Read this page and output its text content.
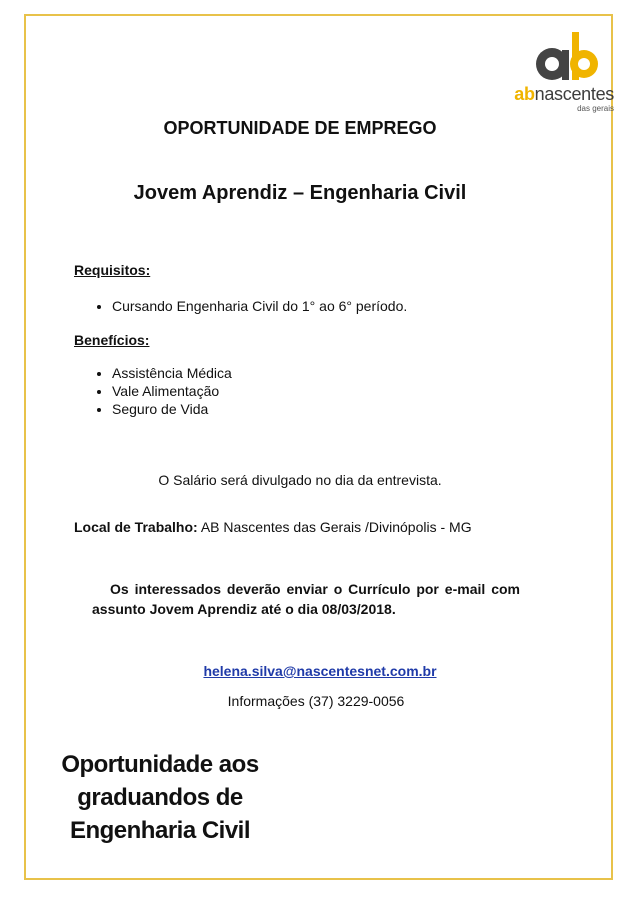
abnascentes
das gerais
OPORTUNIDADE DE EMPREGO
Jovem Aprendiz – Engenharia Civil
Requisitos:
• Cursando Engenharia Civil do 1° ao 6° período.
Benefícios:
• Assistência Médica
• Vale Alimentação
• Seguro de Vida
O Salário será divulgado no dia da entrevista.
Local de Trabalho: AB Nascentes das Gerais /Divinópolis - MG
Os interessados deverão enviar o Currículo por e-mail com assunto Jovem Aprendiz até o dia 08/03/2018.
helena.silva@nascentesnet.com.br
Informações (37) 3229-0056
Oportunidade aos
graduandos de
Engenharia Civil
